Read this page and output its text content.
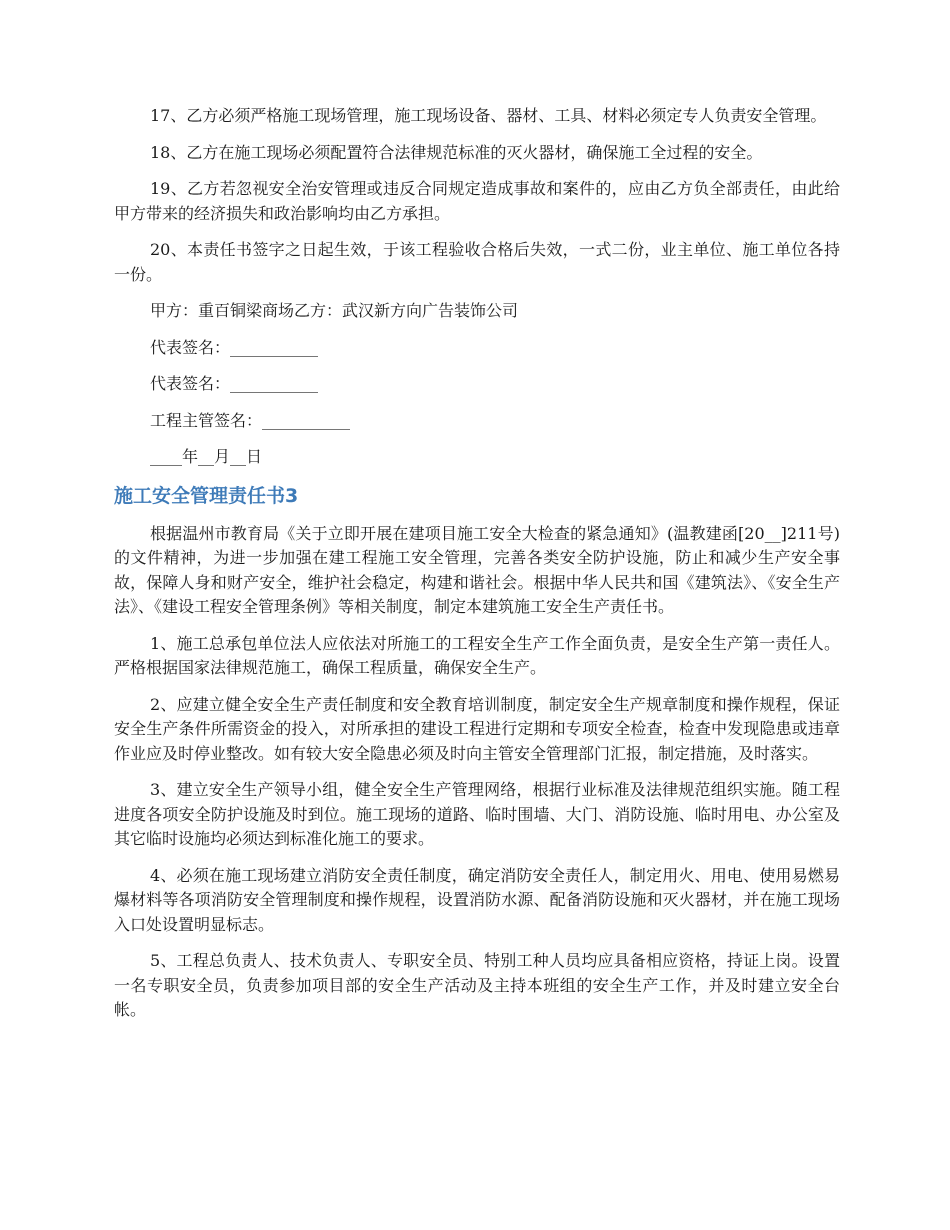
17、乙方必须严格施工现场管理，施工现场设备、器材、工具、材料必须定专人负责安全管理。

18、乙方在施工现场必须配置符合法律规范标准的灭火器材，确保施工全过程的安全。

19、乙方若忽视安全治安管理或违反合同规定造成事故和案件的，应由乙方负全部责任，由此给甲方带来的经济损失和政治影响均由乙方承担。

20、本责任书签字之日起生效，于该工程验收合格后失效，一式二份，业主单位、施工单位各持一份。

甲方：重百铜梁商场乙方：武汉新方向广告装饰公司

代表签名：___________

代表签名：___________

工程主管签名：___________

____年__月__日

施工安全管理责任书3

根据温州市教育局《关于立即开展在建项目施工安全大检查的紧急通知》(温教建函[20__]211号)的文件精神，为进一步加强在建工程施工安全管理，完善各类安全防护设施，防止和减少生产安全事故，保障人身和财产安全，维护社会稳定，构建和谐社会。根据中华人民共和国《建筑法》、《安全生产法》、《建设工程安全管理条例》等相关制度，制定本建筑施工安全生产责任书。

1、施工总承包单位法人应依法对所施工的工程安全生产工作全面负责，是安全生产第一责任人。严格根据国家法律规范施工，确保工程质量，确保安全生产。

2、应建立健全安全生产责任制度和安全教育培训制度，制定安全生产规章制度和操作规程，保证安全生产条件所需资金的投入，对所承担的建设工程进行定期和专项安全检查，检查中发现隐患或违章作业应及时停业整改。如有较大安全隐患必须及时向主管安全管理部门汇报，制定措施，及时落实。

3、建立安全生产领导小组，健全安全生产管理网络，根据行业标准及法律规范组织实施。随工程进度各项安全防护设施及时到位。施工现场的道路、临时围墙、大门、消防设施、临时用电、办公室及其它临时设施均必须达到标准化施工的要求。

4、必须在施工现场建立消防安全责任制度，确定消防安全责任人，制定用火、用电、使用易燃易爆材料等各项消防安全管理制度和操作规程，设置消防水源、配备消防设施和灭火器材，并在施工现场入口处设置明显标志。

5、工程总负责人、技术负责人、专职安全员、特别工种人员均应具备相应资格，持证上岗。设置一名专职安全员，负责参加项目部的安全生产活动及主持本班组的安全生产工作，并及时建立安全台帐。
